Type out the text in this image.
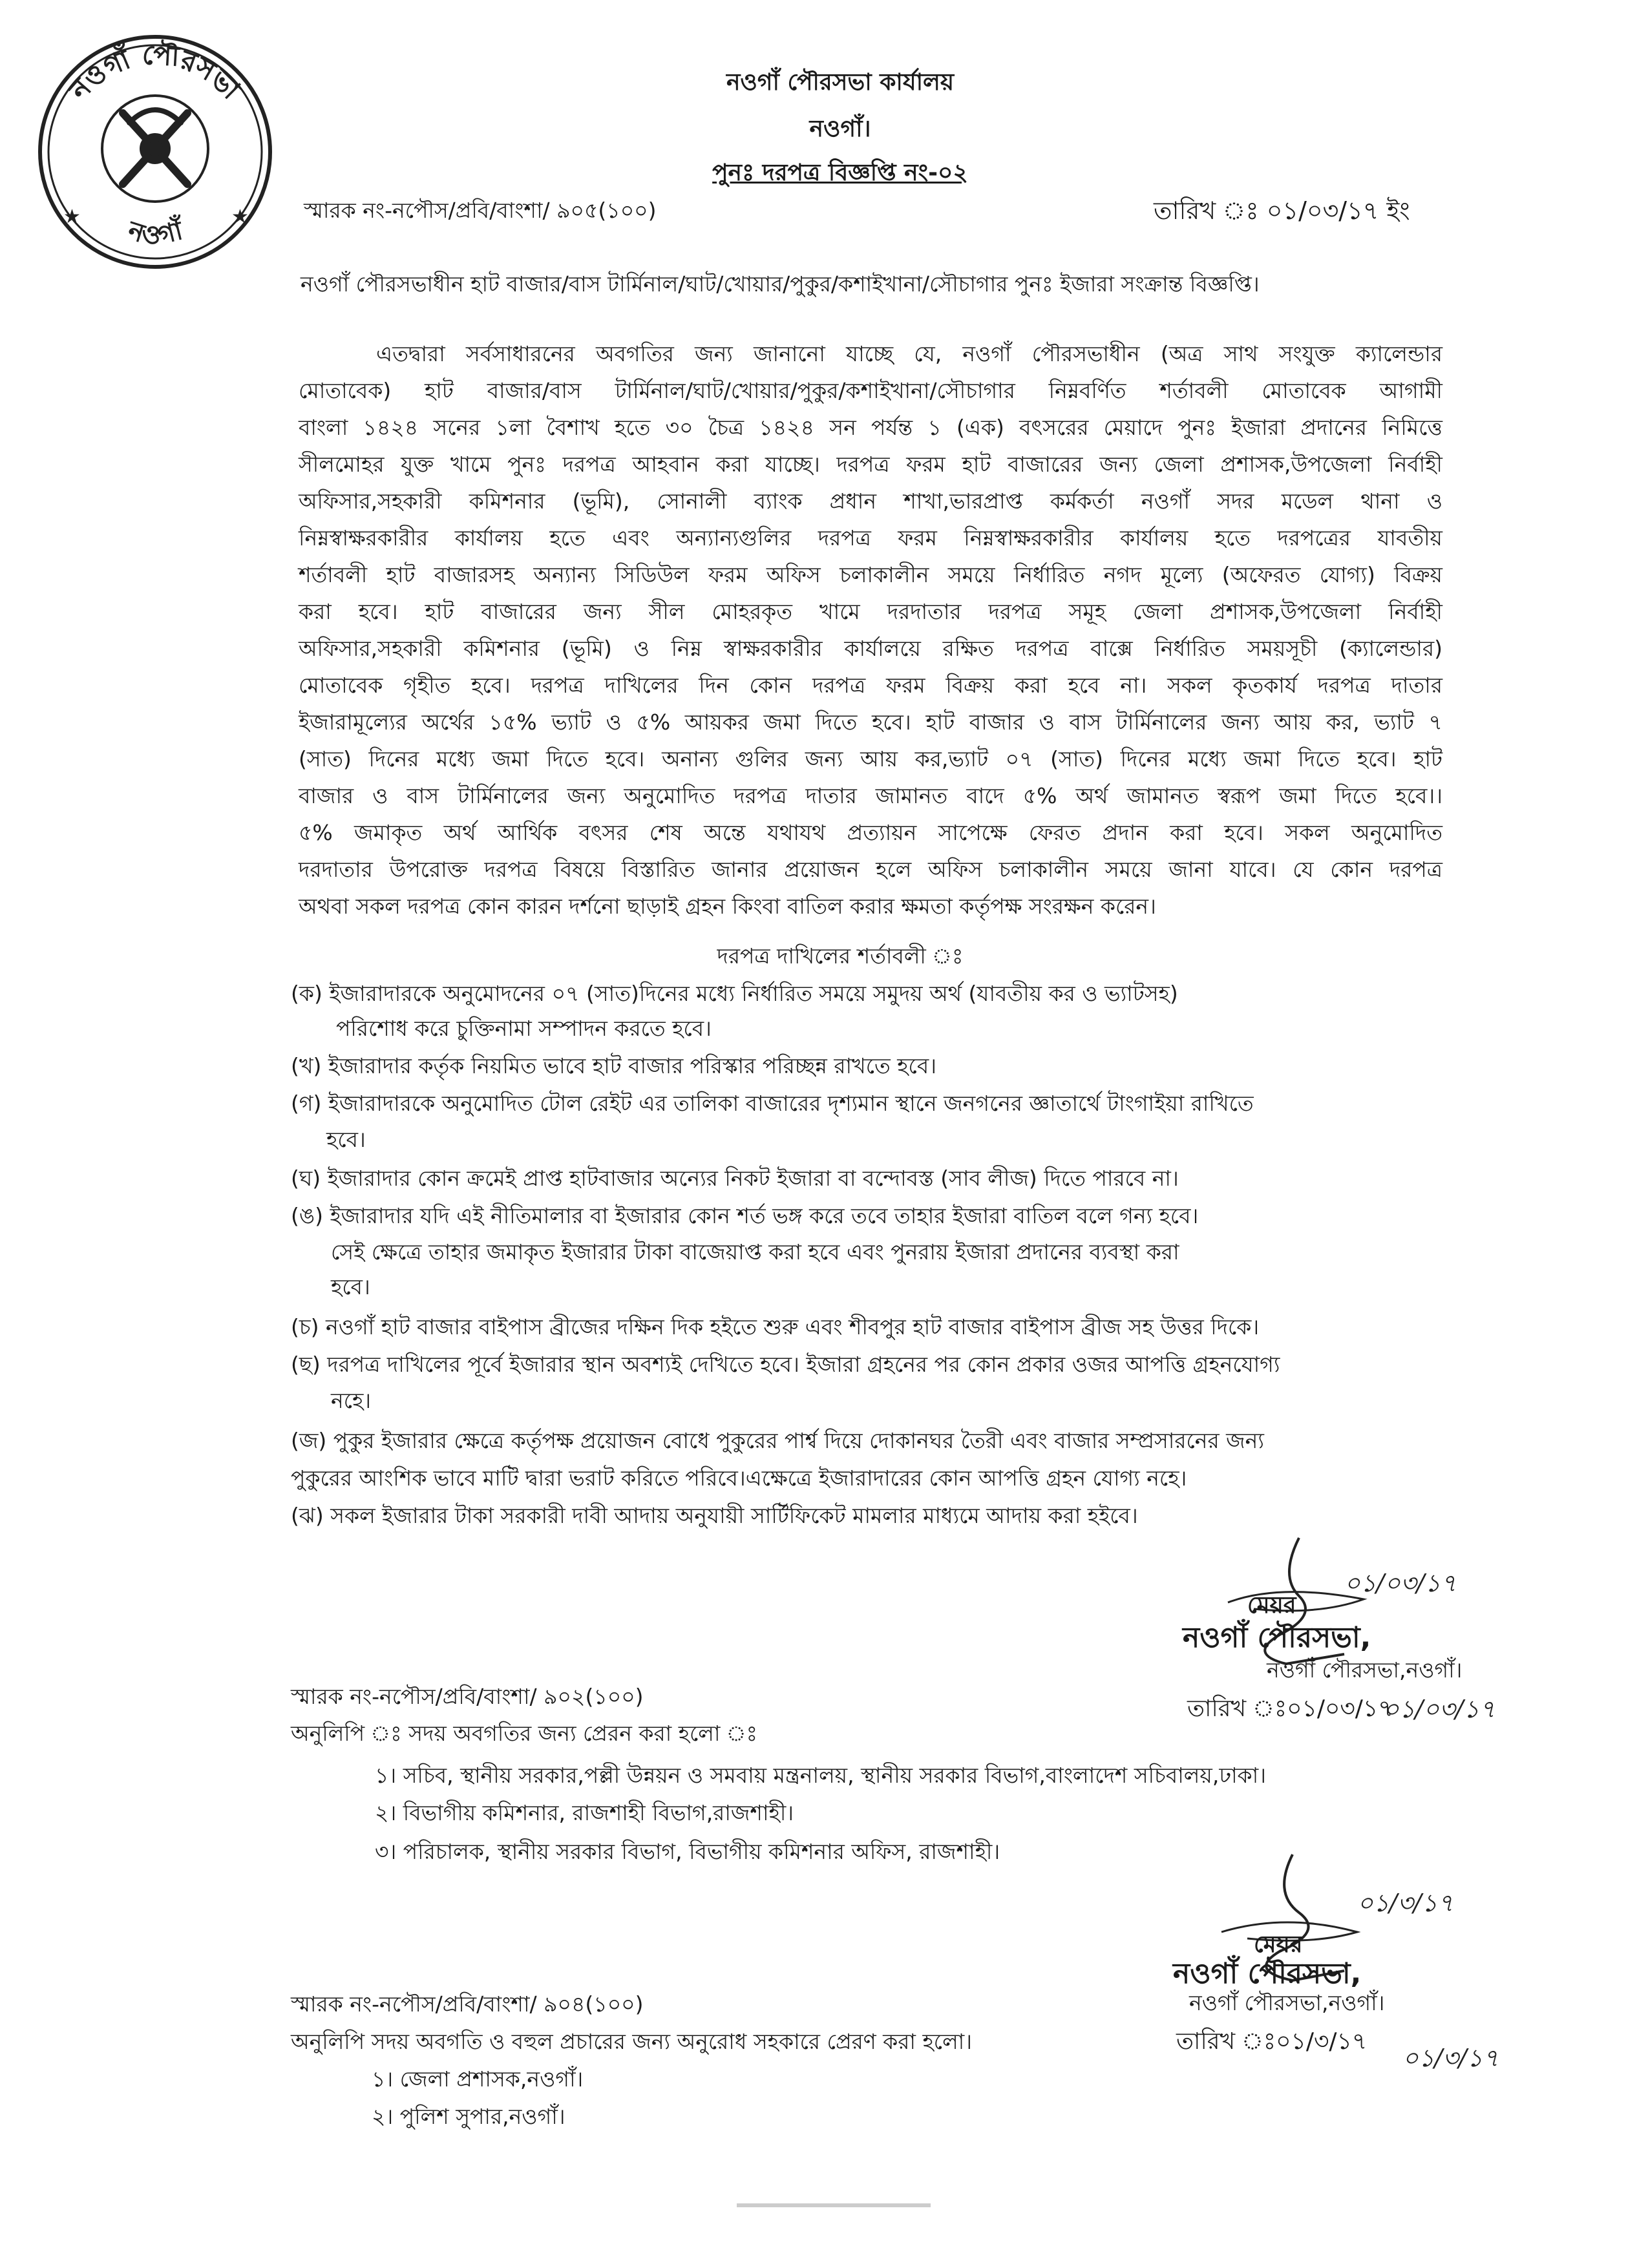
নওগাঁ পৌরসভা
নওগাঁ
★	★
নওগাঁ পৌরসভা কার্যালয়
নওগাঁ।
পুনঃ দরপত্র বিজ্ঞপ্তি নং-০২
স্মারক নং-নপৌস/প্রবি/বাংশা/ ৯০৫(১০০)	তারিখ ঃ ০১/০৩/১৭ ইং
নওগাঁ পৌরসভাধীন হাট বাজার/বাস টার্মিনাল/ঘাট/খোয়ার/পুকুর/কশাইখানা/সৌচাগার পুনঃ ইজারা সংক্রান্ত বিজ্ঞপ্তি।
এতদ্বারা সর্বসাধারনের অবগতির জন্য জানানো যাচ্ছে যে, নওগাঁ পৌরসভাধীন (অত্র সাথ সংযুক্ত ক্যালেন্ডার
মোতাবেক) হাট বাজার/বাস টার্মিনাল/ঘাট/খোয়ার/পুকুর/কশাইখানা/সৌচাগার নিম্নবর্ণিত শর্তাবলী মোতাবেক আগামী
বাংলা ১৪২৪ সনের ১লা বৈশাখ হতে ৩০ চৈত্র ১৪২৪ সন পর্যন্ত ১ (এক) বৎসরের মেয়াদে পুনঃ ইজারা প্রদানের নিমিত্তে
সীলমোহর যুক্ত খামে পুনঃ দরপত্র আহবান করা যাচ্ছে। দরপত্র ফরম হাট বাজারের জন্য জেলা প্রশাসক,উপজেলা নির্বাহী
অফিসার,সহকারী কমিশনার (ভূমি), সোনালী ব্যাংক প্রধান শাখা,ভারপ্রাপ্ত কর্মকর্তা নওগাঁ সদর মডেল থানা ও
নিম্নস্বাক্ষরকারীর কার্যালয় হতে এবং অন্যান্যগুলির দরপত্র ফরম নিম্নস্বাক্ষরকারীর কার্যালয় হতে দরপত্রের যাবতীয়
শর্তাবলী হাট বাজারসহ অন্যান্য সিডিউল ফরম অফিস চলাকালীন সময়ে নির্ধারিত নগদ মূল্যে (অফেরত যোগ্য) বিক্রয়
করা হবে। হাট বাজারের জন্য সীল মোহরকৃত খামে দরদাতার দরপত্র সমূহ জেলা প্রশাসক,উপজেলা নির্বাহী
অফিসার,সহকারী কমিশনার (ভূমি) ও নিম্ন স্বাক্ষরকারীর কার্যালয়ে রক্ষিত দরপত্র বাক্সে নির্ধারিত সময়সূচী (ক্যালেন্ডার)
মোতাবেক গৃহীত হবে। দরপত্র দাখিলের দিন কোন দরপত্র ফরম বিক্রয় করা হবে না। সকল কৃতকার্য দরপত্র দাতার
ইজারামূল্যের অর্থের ১৫% ভ্যাট ও ৫% আয়কর জমা দিতে হবে। হাট বাজার ও বাস টার্মিনালের জন্য আয় কর, ভ্যাট ৭
(সাত) দিনের মধ্যে জমা দিতে হবে। অনান্য গুলির জন্য আয় কর,ভ্যাট ০৭ (সাত) দিনের মধ্যে জমা দিতে হবে। হাট
বাজার ও বাস টার্মিনালের জন্য অনুমোদিত দরপত্র দাতার জামানত বাদে ৫% অর্থ জামানত স্বরূপ জমা দিতে হবে।।
৫% জমাকৃত অর্থ আর্থিক বৎসর শেষ অন্তে যথাযথ প্রত্যায়ন সাপেক্ষে ফেরত প্রদান করা হবে। সকল অনুমোদিত
দরদাতার উপরোক্ত দরপত্র বিষয়ে বিস্তারিত জানার প্রয়োজন হলে অফিস চলাকালীন সময়ে জানা যাবে। যে কোন দরপত্র
অথবা সকল দরপত্র কোন কারন দর্শনো ছাড়াই গ্রহন কিংবা বাতিল করার ক্ষমতা কর্তৃপক্ষ সংরক্ষন করেন।
দরপত্র দাখিলের শর্তাবলী ঃ
(ক) ইজারাদারকে অনুমোদনের ০৭ (সাত)দিনের মধ্যে নির্ধারিত সময়ে সমুদয় অর্থ (যাবতীয় কর ও ভ্যাটসহ)
পরিশোধ করে চুক্তিনামা সম্পাদন করতে হবে।
(খ) ইজারাদার কর্তৃক নিয়মিত ভাবে হাট বাজার পরিস্কার পরিচ্ছন্ন রাখতে হবে।
(গ) ইজারাদারকে অনুমোদিত টোল রেইট এর তালিকা বাজারের দৃশ্যমান স্থানে জনগনের জ্ঞাতার্থে টাংগাইয়া রাখিতে
হবে।
(ঘ) ইজারাদার কোন ক্রমেই প্রাপ্ত হাটবাজার অন্যের নিকট ইজারা বা বন্দোবস্ত (সাব লীজ) দিতে পারবে না।
(ঙ) ইজারাদার যদি এই নীতিমালার বা ইজারার কোন শর্ত ভঙ্গ করে তবে তাহার ইজারা বাতিল বলে গন্য হবে।
সেই ক্ষেত্রে তাহার জমাকৃত ইজারার টাকা বাজেয়াপ্ত করা হবে এবং পুনরায় ইজারা প্রদানের ব্যবস্থা করা
হবে।
(চ) নওগাঁ হাট বাজার বাইপাস ব্রীজের দক্ষিন দিক হইতে শুরু এবং শীবপুর হাট বাজার বাইপাস ব্রীজ সহ উত্তর দিকে।
(ছ) দরপত্র দাখিলের পূর্বে ইজারার স্থান অবশ্যই দেখিতে হবে। ইজারা গ্রহনের পর কোন প্রকার ওজর আপত্তি গ্রহনযোগ্য
নহে।
(জ) পুকুর ইজারার ক্ষেত্রে কর্তৃপক্ষ প্রয়োজন বোধে পুকুরের পার্শ্ব দিয়ে দোকানঘর তৈরী এবং বাজার সম্প্রসারনের জন্য
পুকুরের আংশিক ভাবে মাটি দ্বারা ভরাট করিতে পরিবে।এক্ষেত্রে ইজারাদারের কোন আপত্তি গ্রহন যোগ্য নহে।
(ঝ) সকল ইজারার টাকা সরকারী দাবী আদায় অনুযায়ী সার্টিফিকেট মামলার মাধ্যমে আদায় করা হইবে।
০১/০৩/১৭
মেয়র
নওগাঁ পৌরসভা,
নওগাঁ পৌরসভা,নওগাঁ।
তারিখ ঃ০১/০৩/১৭
০১/০৩/১৭
স্মারক নং-নপৌস/প্রবি/বাংশা/ ৯০২(১০০)
অনুলিপি ঃ সদয় অবগতির জন্য প্রেরন করা হলো ঃ
১। সচিব, স্থানীয় সরকার,পল্লী উন্নয়ন ও সমবায় মন্ত্রনালয়, স্থানীয় সরকার বিভাগ,বাংলাদেশ সচিবালয়,ঢাকা।
২। বিভাগীয় কমিশনার, রাজশাহী বিভাগ,রাজশাহী।
৩। পরিচালক, স্থানীয় সরকার বিভাগ, বিভাগীয় কমিশনার অফিস, রাজশাহী।
০১/৩/১৭
মেয়র
নওগাঁ পৌরসভা,
নওগাঁ পৌরসভা,নওগাঁ।
তারিখ ঃ০১/৩/১৭
০১/৩/১৭
স্মারক নং-নপৌস/প্রবি/বাংশা/ ৯০৪(১০০)
অনুলিপি সদয় অবগতি ও বহুল প্রচারের জন্য অনুরোধ সহকারে প্রেরণ করা হলো।
১। জেলা প্রশাসক,নওগাঁ।
২। পুলিশ সুপার,নওগাঁ।
